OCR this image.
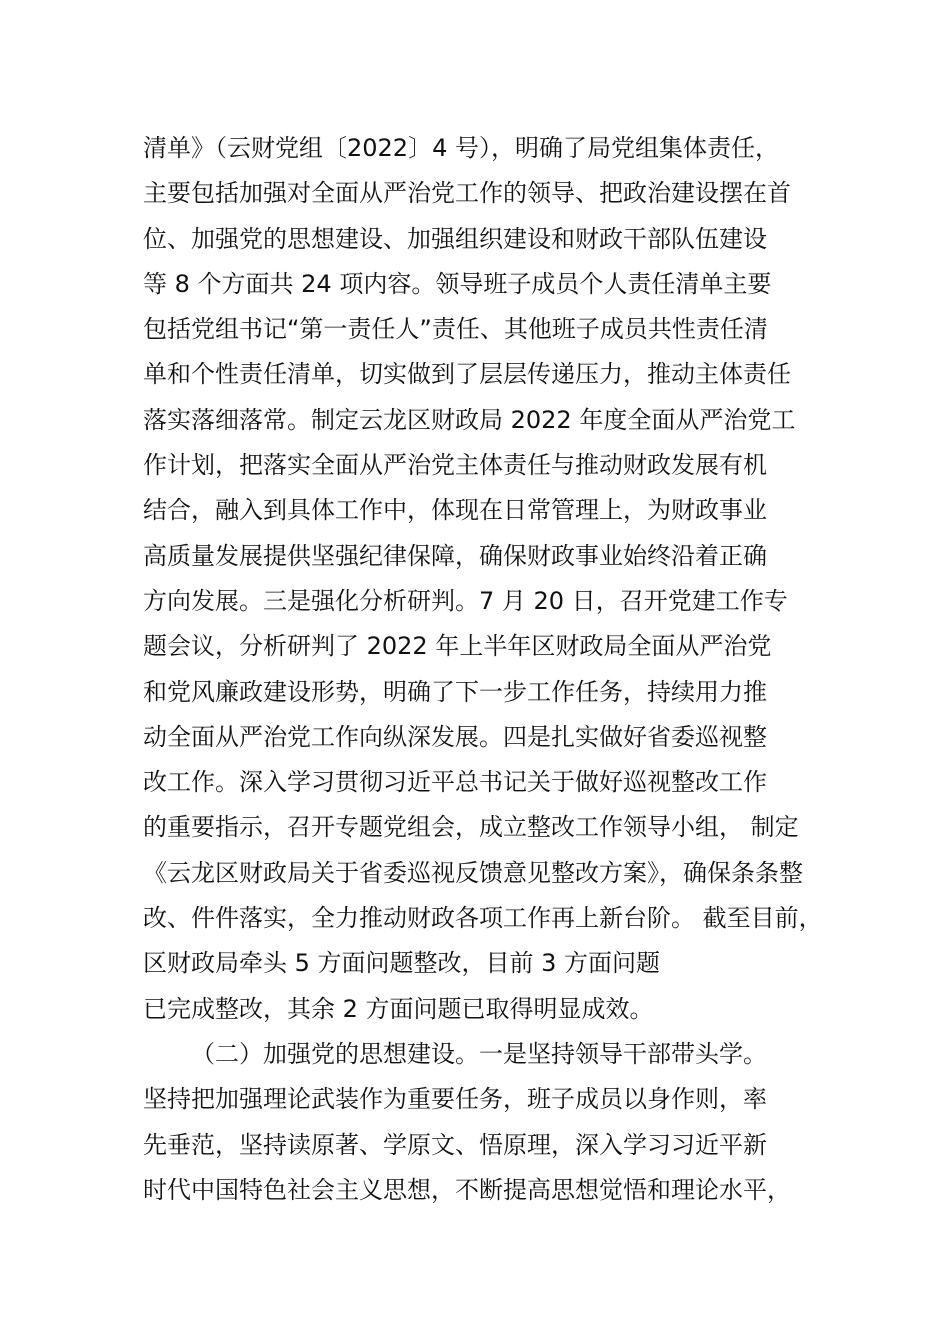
清单》（云财党组〔2022〕4 号），明确了局党组集体责任，
主要包括加强对全面从严治党工作的领导、把政治建设摆在首
位、加强党的思想建设、加强组织建设和财政干部队伍建设
等 8 个方面共 24 项内容。领导班子成员个人责任清单主要
包括党组书记“第一责任人”责任、其他班子成员共性责任清
单和个性责任清单，切实做到了层层传递压力，推动主体责任
落实落细落常。制定云龙区财政局 2022 年度全面从严治党工
作计划，把落实全面从严治党主体责任与推动财政发展有机
结合，融入到具体工作中，体现在日常管理上，为财政事业
高质量发展提供坚强纪律保障，确保财政事业始终沿着正确
方向发展。三是强化分析研判。7 月 20 日，召开党建工作专
题会议，分析研判了 2022 年上半年区财政局全面从严治党
和党风廉政建设形势，明确了下一步工作任务，持续用力推
动全面从严治党工作向纵深发展。四是扎实做好省委巡视整
改工作。深入学习贯彻习近平总书记关于做好巡视整改工作
的重要指示，召开专题党组会，成立整改工作领导小组， 制定
《云龙区财政局关于省委巡视反馈意见整改方案》，确保条条整
改、件件落实，全力推动财政各项工作再上新台阶。 截至目前，
区财政局牵头 5 方面问题整改，目前 3 方面问题
已完成整改，其余 2 方面问题已取得明显成效。
（二）加强党的思想建设。一是坚持领导干部带头学。
坚持把加强理论武装作为重要任务，班子成员以身作则，率
先垂范，坚持读原著、学原文、悟原理，深入学习习近平新
时代中国特色社会主义思想，不断提高思想觉悟和理论水平，
